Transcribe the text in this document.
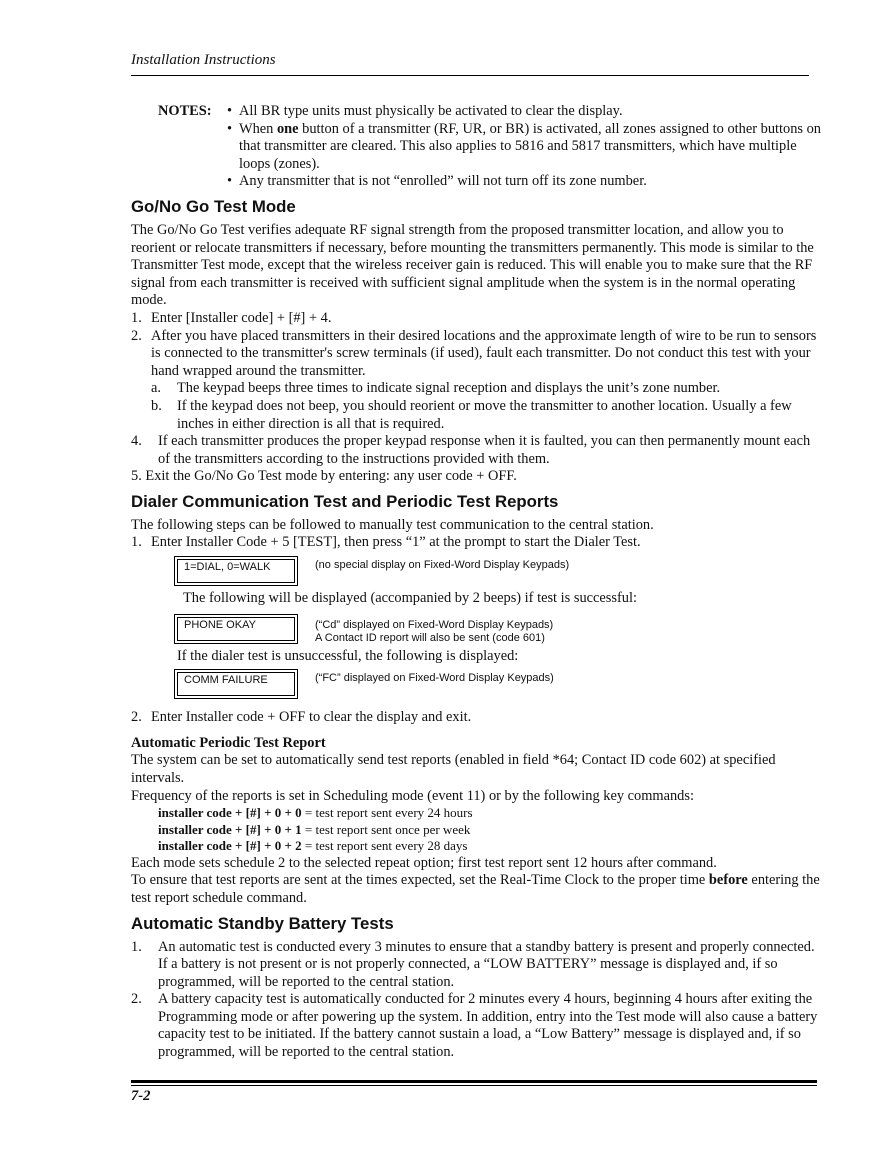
Installation Instructions
NOTES:

•	All BR type units must physically be activated to clear the display.

• When one button of a transmitter (RF, UR, or BR) is activated, all zones assigned to other buttons on that transmitter are cleared. This also applies to 5816 and 5817 transmitters, which have multiple loops (zones).

• Any transmitter that is not “enrolled” will not turn off its zone number.

Go/No Go Test Mode

The Go/No Go Test verifies adequate RF signal strength from the proposed transmitter location, and allow you to reorient or relocate transmitters if necessary, before mounting the transmitters permanently. This mode is similar to the Transmitter Test mode, except that the wireless receiver gain is reduced. This will enable you to make sure that the RF signal from each transmitter is received with sufficient signal amplitude when the system is in the normal operating mode.

1. Enter [Installer code] + [#] + 4.
2. After you have placed transmitters in their desired locations and the approximate length of wire to be run to sensors is connected to the transmitter's screw terminals (if used), fault each transmitter. Do not conduct this test with your hand wrapped around the transmitter.
a. The keypad beeps three times to indicate signal reception and displays the unit’s zone number.
b. If the keypad does not beep, you should reorient or move the transmitter to another location. Usually a few inches in either direction is all that is required.
4. If each transmitter produces the proper keypad response when it is faulted, you can then permanently mount each of the transmitters according to the instructions provided with them.
5. Exit the Go/No Go Test mode by entering: any user code + OFF.
Dialer Communication Test and Periodic Test Reports

The following steps can be followed to manually test communication to the central station.

1. Enter Installer Code + 5 [TEST], then press “1” at the prompt to start the Dialer Test.
1=DIAL, 0=WALK	(no special display on Fixed-Word Display Keypads)

The following will be displayed (accompanied by 2 beeps) if test is successful:

PHONE OKAY	(“Cd” displayed on Fixed-Word Display Keypads)
A Contact ID report will also be sent (code 601)

If the dialer test is unsuccessful, the following is displayed:

COMM FAILURE	(“FC” displayed on Fixed-Word Display Keypads)
2. Enter Installer code + OFF to clear the display and exit.
Automatic Periodic Test Report

The system can be set to automatically send test reports (enabled in field *64; Contact ID code 602) at specified intervals.

Frequency of the reports is set in Scheduling mode (event 11) or by the following key commands:

installer code + [#] + 0 + 0 = test report sent every 24 hours
installer code + [#] + 0 + 1 = test report sent once per week
installer code + [#] + 0 + 2 = test report sent every 28 days

Each mode sets schedule 2 to the selected repeat option; first test report sent 12 hours after command.

To ensure that test reports are sent at the times expected, set the Real-Time Clock to the proper time before entering the test report schedule command.

Automatic Standby Battery Tests
1. An automatic test is conducted every 3 minutes to ensure that a standby battery is present and properly connected. If a battery is not present or is not properly connected, a “LOW BATTERY” message is displayed and, if so programmed, will be reported to the central station.
2. A battery capacity test is automatically conducted for 2 minutes every 4 hours, beginning 4 hours after exiting the Programming mode or after powering up the system. In addition, entry into the Test mode will also cause a battery capacity test to be initiated. If the battery cannot sustain a load, a “Low Battery” message is displayed and, if so programmed, will be reported to the central station.
7-2
